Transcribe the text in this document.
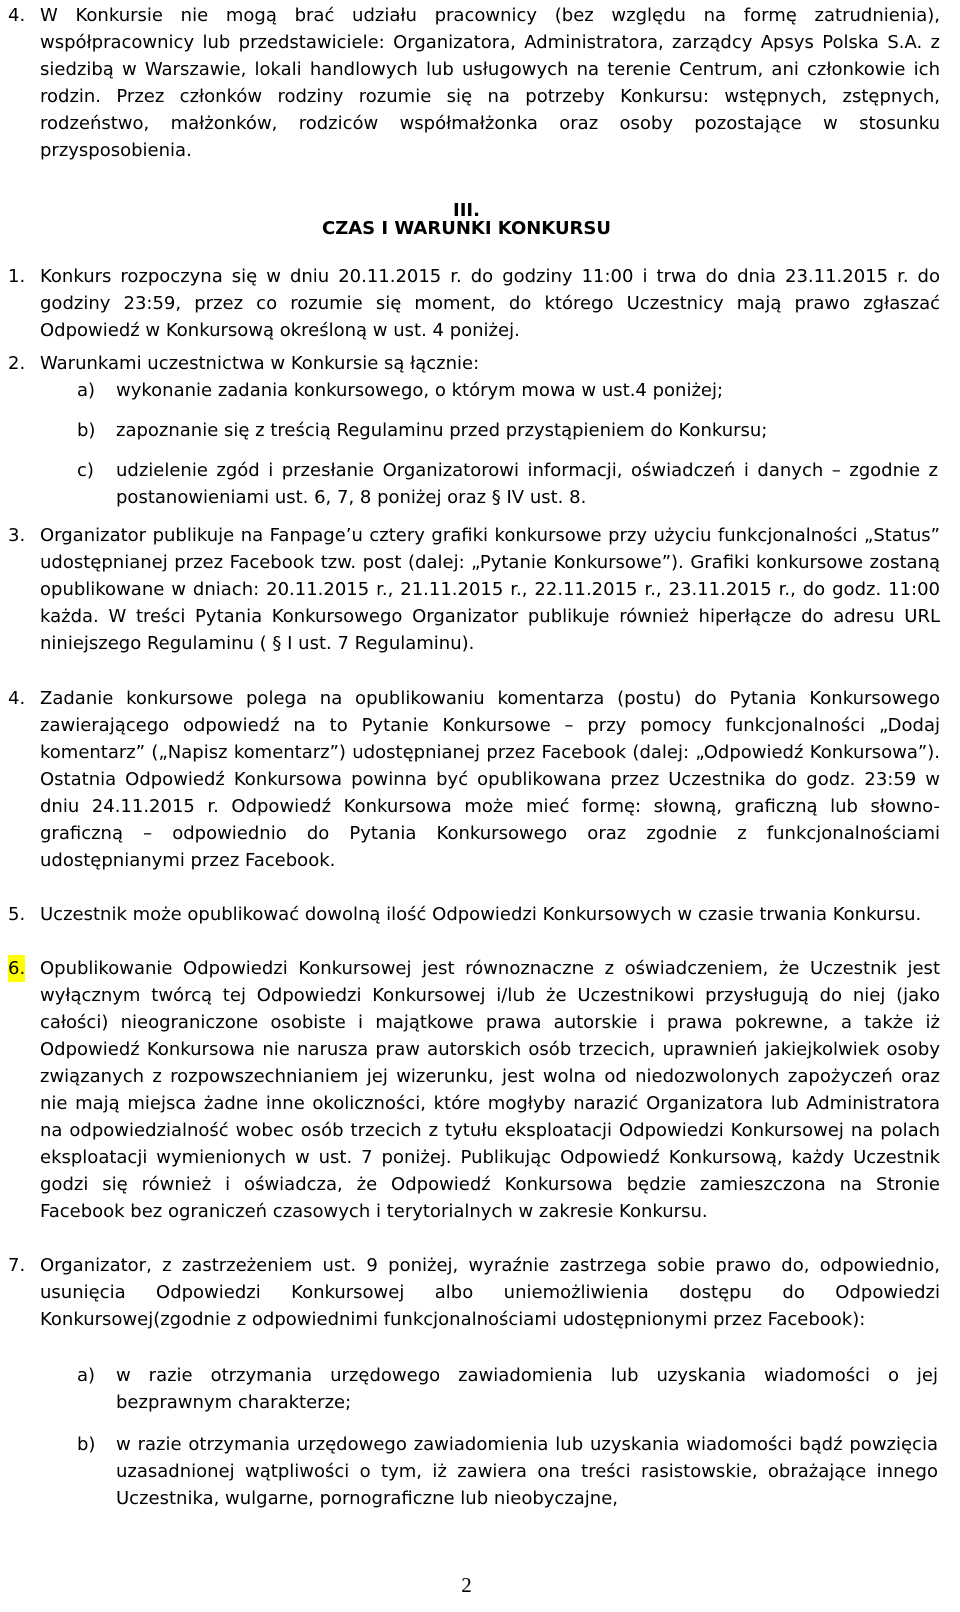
4. W Konkursie nie mogą brać udziału pracownicy (bez względu na formę zatrudnienia), współpracownicy lub przedstawiciele: Organizatora, Administratora, zarządcy Apsys Polska S.A. z siedzibą w Warszawie, lokali handlowych lub usługowych na terenie Centrum, ani członkowie ich rodzin. Przez członków rodziny rozumie się na potrzeby Konkursu: wstępnych, zstępnych, rodzeństwo, małżonków, rodziców współmałżonka oraz osoby pozostające w stosunku przysposobienia.
III.
CZAS I WARUNKI KONKURSU
1. Konkurs rozpoczyna się w dniu 20.11.2015 r. do godziny 11:00 i trwa do dnia 23.11.2015 r. do godziny 23:59, przez co rozumie się moment, do którego Uczestnicy mają prawo zgłaszać Odpowiedź w Konkursową określoną w ust. 4 poniżej.
2. Warunkami uczestnictwa w Konkursie są łącznie:
a) wykonanie zadania konkursowego, o którym mowa w ust.4 poniżej;
b) zapoznanie się z treścią Regulaminu przed przystąpieniem do Konkursu;
c) udzielenie zgód i przesłanie Organizatorowi informacji, oświadczeń i danych – zgodnie z postanowieniami ust. 6, 7, 8 poniżej oraz § IV ust. 8.
3. Organizator publikuje na Fanpage’u cztery grafiki konkursowe przy użyciu funkcjonalności „Status” udostępnianej przez Facebook tzw. post (dalej: „Pytanie Konkursowe”). Grafiki konkursowe zostaną opublikowane w dniach: 20.11.2015 r., 21.11.2015 r., 22.11.2015 r., 23.11.2015 r., do godz. 11:00 każda. W treści Pytania Konkursowego Organizator publikuje również hiperłącze do adresu URL niniejszego Regulaminu ( § I ust. 7 Regulaminu).
4. Zadanie konkursowe polega na opublikowaniu komentarza (postu) do Pytania Konkursowego zawierającego odpowiedź na to Pytanie Konkursowe – przy pomocy funkcjonalności „Dodaj komentarz” („Napisz komentarz”) udostępnianej przez Facebook (dalej: „Odpowiedź Konkursowa”). Ostatnia Odpowiedź Konkursowa powinna być opublikowana przez Uczestnika do godz. 23:59 w dniu 24.11.2015 r. Odpowiedź Konkursowa może mieć formę: słowną, graficzną lub słowno-graficzną – odpowiednio do Pytania Konkursowego oraz zgodnie z funkcjonalnościami udostępnianymi przez Facebook.
5. Uczestnik może opublikować dowolną ilość Odpowiedzi Konkursowych w czasie trwania Konkursu.
6. Opublikowanie Odpowiedzi Konkursowej jest równoznaczne z oświadczeniem, że Uczestnik jest wyłącznym twórcą tej Odpowiedzi Konkursowej i/lub że Uczestnikowi przysługują do niej (jako całości) nieograniczone osobiste i majątkowe prawa autorskie i prawa pokrewne, a także iż Odpowiedź Konkursowa nie narusza praw autorskich osób trzecich, uprawnień jakiejkolwiek osoby związanych z rozpowszechnianiem jej wizerunku, jest wolna od niedozwolonych zapożyczeń oraz nie mają miejsca żadne inne okoliczności, które mogłyby narazić Organizatora lub Administratora na odpowiedzialność wobec osób trzecich z tytułu eksploatacji Odpowiedzi Konkursowej na polach eksploatacji wymienionych w ust. 7 poniżej. Publikując Odpowiedź Konkursową, każdy Uczestnik godzi się również i oświadcza, że Odpowiedź Konkursowa będzie zamieszczona na Stronie Facebook bez ograniczeń czasowych i terytorialnych w zakresie Konkursu.
7. Organizator, z zastrzeżeniem ust. 9 poniżej, wyraźnie zastrzega sobie prawo do, odpowiednio, usunięcia Odpowiedzi Konkursowej albo uniemożliwienia dostępu do Odpowiedzi Konkursowej(zgodnie z odpowiednimi funkcjonalnościami udostępnionymi przez Facebook):
a) w razie otrzymania urzędowego zawiadomienia lub uzyskania wiadomości o jej bezprawnym charakterze;
b) w razie otrzymania urzędowego zawiadomienia lub uzyskania wiadomości bądź powzięcia uzasadnionej wątpliwości o tym, iż zawiera ona treści rasistowskie, obrażające innego Uczestnika, wulgarne, pornograficzne lub nieobyczajne,
2
